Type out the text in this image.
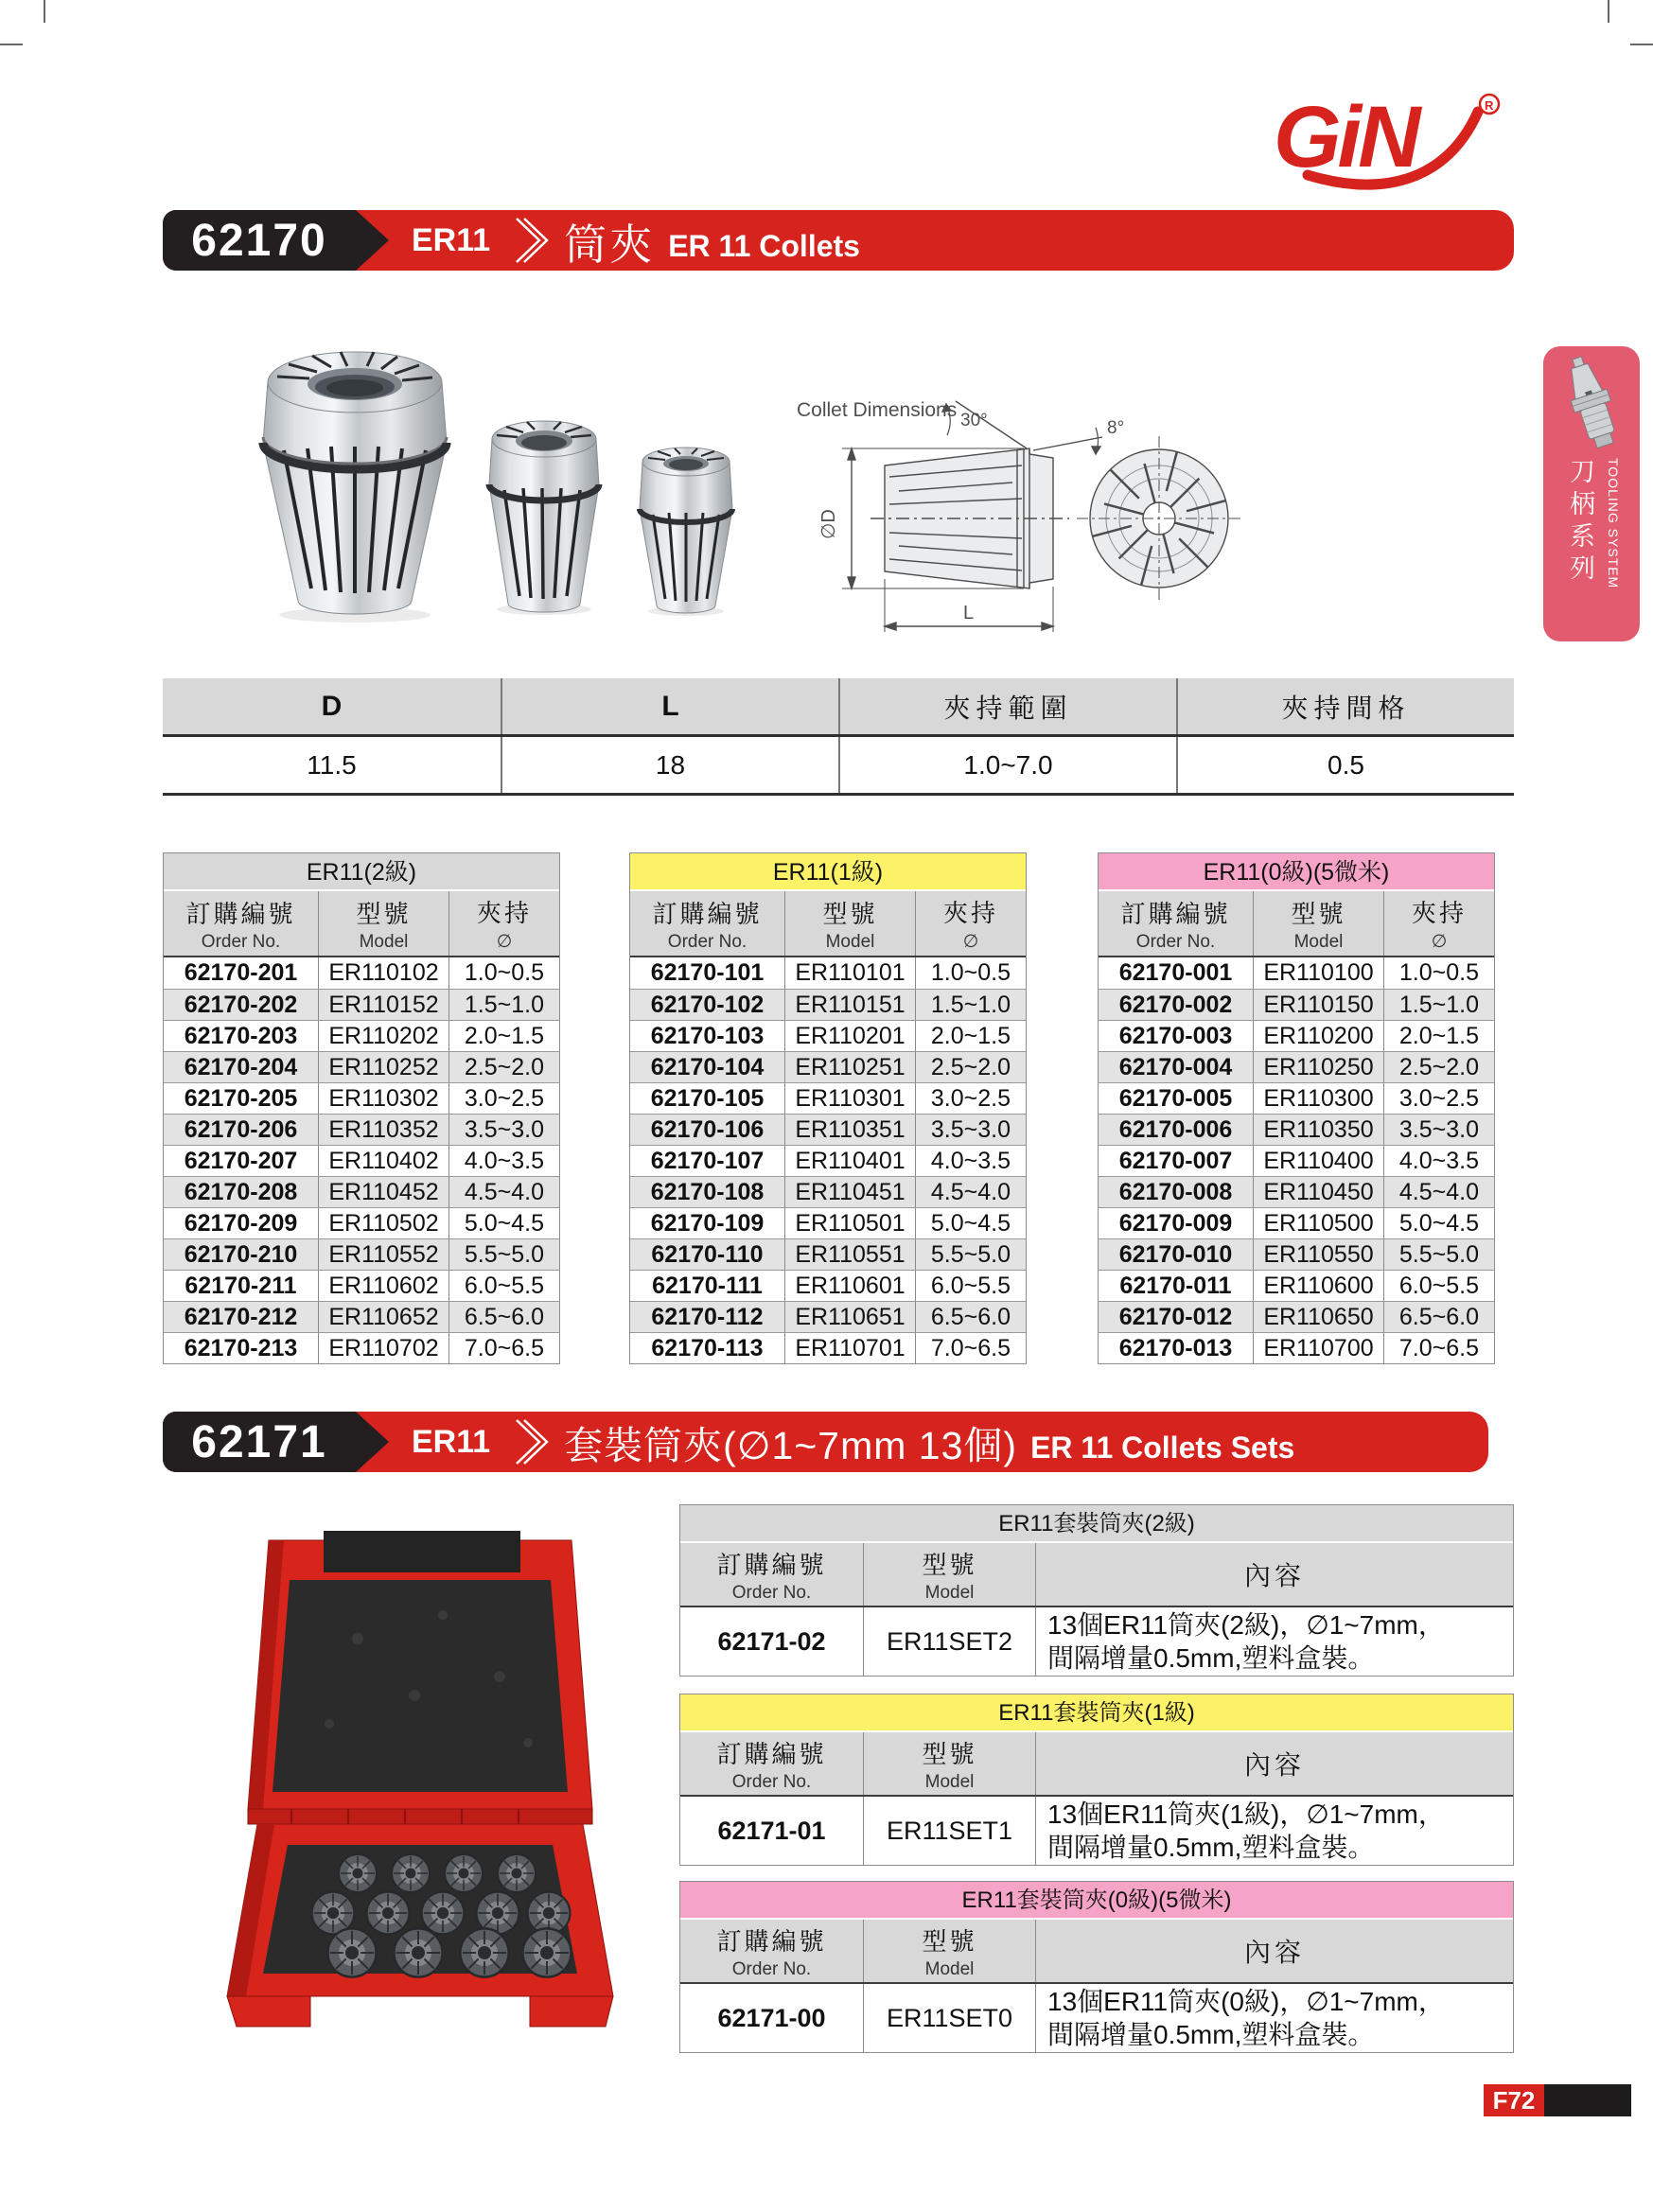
GiN	R
62170	ER11 筒夾 ER 11 Collets
Collet Dimensions 30°	8°
∅D
L
D	L	夾持範圍	夾持間格
11.5	18	1.0~7.0	0.5
ER11(2級)
訂購編號
Order No.
型號
Model
夾持
∅
62170-201	ER110102	1.0~0.5
62170-202	ER110152	1.5~1.0
62170-203	ER110202	2.0~1.5
62170-204	ER110252	2.5~2.0
62170-205	ER110302	3.0~2.5
62170-206	ER110352	3.5~3.0
62170-207	ER110402	4.0~3.5
62170-208	ER110452	4.5~4.0
62170-209	ER110502	5.0~4.5
62170-210	ER110552	5.5~5.0
62170-211	ER110602	6.0~5.5
62170-212	ER110652	6.5~6.0
62170-213	ER110702	7.0~6.5
ER11(1級)
訂購編號
Order No.
型號
Model
夾持
∅
62170-101	ER110101	1.0~0.5
62170-102	ER110151	1.5~1.0
62170-103	ER110201	2.0~1.5
62170-104	ER110251	2.5~2.0
62170-105	ER110301	3.0~2.5
62170-106	ER110351	3.5~3.0
62170-107	ER110401	4.0~3.5
62170-108	ER110451	4.5~4.0
62170-109	ER110501	5.0~4.5
62170-110	ER110551	5.5~5.0
62170-111	ER110601	6.0~5.5
62170-112	ER110651	6.5~6.0
62170-113	ER110701	7.0~6.5
ER11(0級)(5微米)
訂購編號
Order No.
型號
Model
夾持
∅
62170-001	ER110100	1.0~0.5
62170-002	ER110150	1.5~1.0
62170-003	ER110200	2.0~1.5
62170-004	ER110250	2.5~2.0
62170-005	ER110300	3.0~2.5
62170-006	ER110350	3.5~3.0
62170-007	ER110400	4.0~3.5
62170-008	ER110450	4.5~4.0
62170-009	ER110500	5.0~4.5
62170-010	ER110550	5.5~5.0
62170-011	ER110600	6.0~5.5
62170-012	ER110650	6.5~6.0
62170-013	ER110700	7.0~6.5
62171	ER11 套裝筒夾(∅1~7mm 13個) ER 11 Collets Sets
ER11套裝筒夾(2級)
訂購編號
Order No.
型號
Model
內容
62171-02	ER11SET2
13個ER11筒夾(2級)，∅1~7mm，
間隔增量0.5mm,塑料盒裝。
ER11套裝筒夾(1級)
訂購編號
Order No.
型號
Model
內容
62171-01	ER11SET1
13個ER11筒夾(1級)，∅1~7mm，
間隔增量0.5mm,塑料盒裝。
ER11套裝筒夾(0級)(5微米)
訂購編號
Order No.
型號
Model
內容
62171-00	ER11SET0
13個ER11筒夾(0級)，∅1~7mm，
間隔增量0.5mm,塑料盒裝。
刀柄系列 TOOLING SYSTEM
F72
